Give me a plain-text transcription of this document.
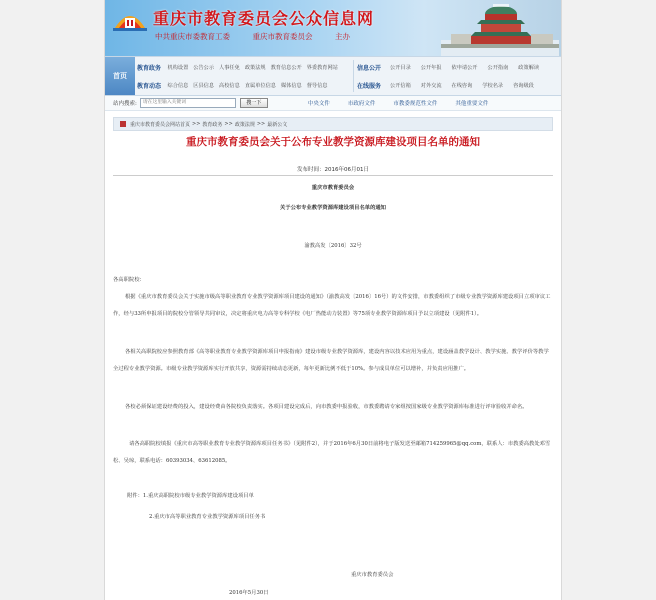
重庆市教育委员会公众信息网
中共重庆市委教育工委　　　重庆市教育委员会　　　主办
首页
教育政务 机构设置 公告公示 人事任免 政策法规 教育信息公开 界委教育网站
教育动态 综合信息 区县信息 高校信息 直属单位信息 媒体信息 督导信息
信息公开 公开目录 公开年报 依申请公开 公开指南 政策解读
在线服务 公开信箱 对外交流 在线咨询 学校名录 咨询级段
站内搜索:
请在这里输入关键词	搜一下	中央文件	市政府文件	市教委规范性文件	其他重要文件
重庆市教育委员会网站首页 >> 教育政务 >> 政策法规 >> 最新公文
重庆市教育委员会关于公布专业教学资源库建设项目名单的通知
发布时间：2016年06月01日
重庆市教育委员会
关于公布专业教学资源库建设项目名单的通知
渝教高发〔2016〕32号
各高职院校：
根据《重庆市教育委员会关于实施市级高等职业教育专业教学资源库项目建设的通知》（渝教高发〔2016〕16号）的文件安排，市教委组织了市级专业教学资源库建设项目立项审议工作，经与33所申报项目的院校分管领导共同审议，决定将重庆电力高等专科学校《电厂热能动力装置》等75项专业教学资源库项目予以立项建设（见附件1）。
各相关高职院校应参照教育部《高等职业教育专业教学资源库项目申报指南》建设市级专业教学资源库，建设内容以技术应用为重点，建设涵盖教学设计、教学实施、教学评价等教学全过程专业教学资源。市级专业教学资源库实行开放共享，资源需持续动态更新，每年更新比例不低于10%。参与成员单位可以增补，并负责应用推广。
各校必须保证建设经费的投入，建设经费由各院校负责落实。各项目建设完成后，向市教委申报验收，市教委聘请专家组按国家级专业教学资源库标准进行评审验收并命名。
请各高职院校填报《重庆市高等职业教育专业教学资源库项目任务书》（见附件2），并于2016年6月30日前将电子版发送至邮箱714259965@qq.com，联系人：市教委高教处邓雪松、吴琼，联系电话：60393034、63612085。
附件：1.重庆高职院校市级专业教学资源库建设项目单
2.重庆市高等职业教育专业教学资源库项目任务书
重庆市教育委员会
2016年5月30日
